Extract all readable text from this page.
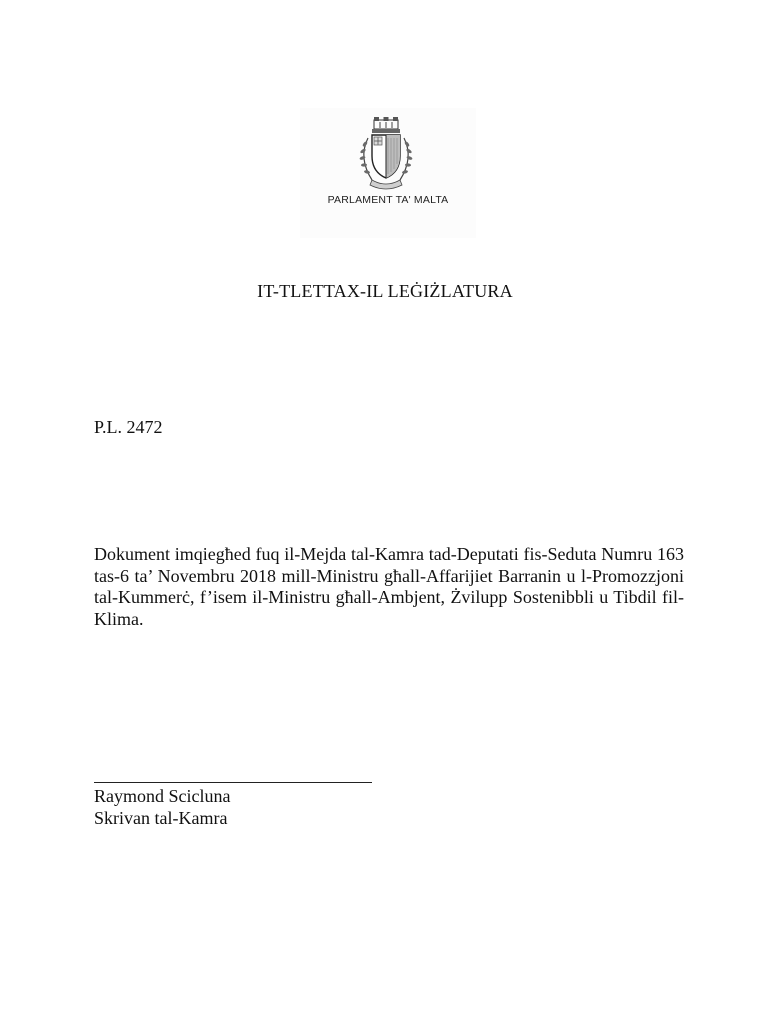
PARLAMENT TA' MALTA
IT-TLETTAX-IL LEĠIŻLATURA
P.L. 2472
Dokument imqiegħed fuq il-Mejda tal-Kamra tad-Deputati fis-Seduta Numru 163 tas-6 ta’ Novembru 2018 mill-Ministru għall-Affarijiet Barranin u l-Promozzjoni tal-Kummerċ, f’isem il-Ministru għall-Ambjent, Żvilupp Sostenibbli u Tibdil fil-Klima.
Raymond Scicluna
Skrivan tal-Kamra
